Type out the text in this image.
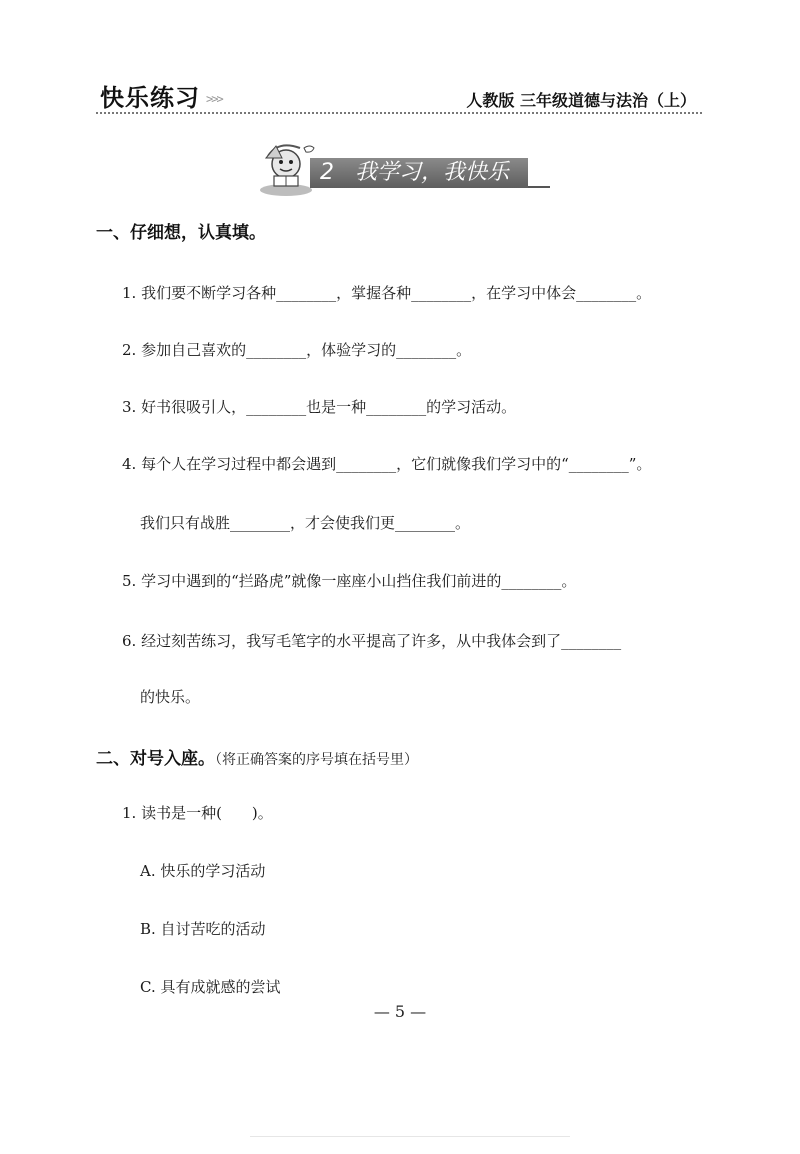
快乐练习 >>>	人教版 三年级道德与法治（上）
2   我学习，我快乐
一、仔细想，认真填。
1. 我们要不断学习各种________，掌握各种________，在学习中体会________。
2. 参加自己喜欢的________，体验学习的________。
3. 好书很吸引人，________也是一种________的学习活动。
4. 每个人在学习过程中都会遇到________，它们就像我们学习中的“________”。
我们只有战胜________，才会使我们更________。
5. 学习中遇到的“拦路虎”就像一座座小山挡住我们前进的________。
6. 经过刻苦练习，我写毛笔字的水平提高了许多，从中我体会到了________
的快乐。
二、对号入座。（将正确答案的序号填在括号里）
1. 读书是一种(　　)。
A. 快乐的学习活动
B. 自讨苦吃的活动
C. 具有成就感的尝试
— 5 —
